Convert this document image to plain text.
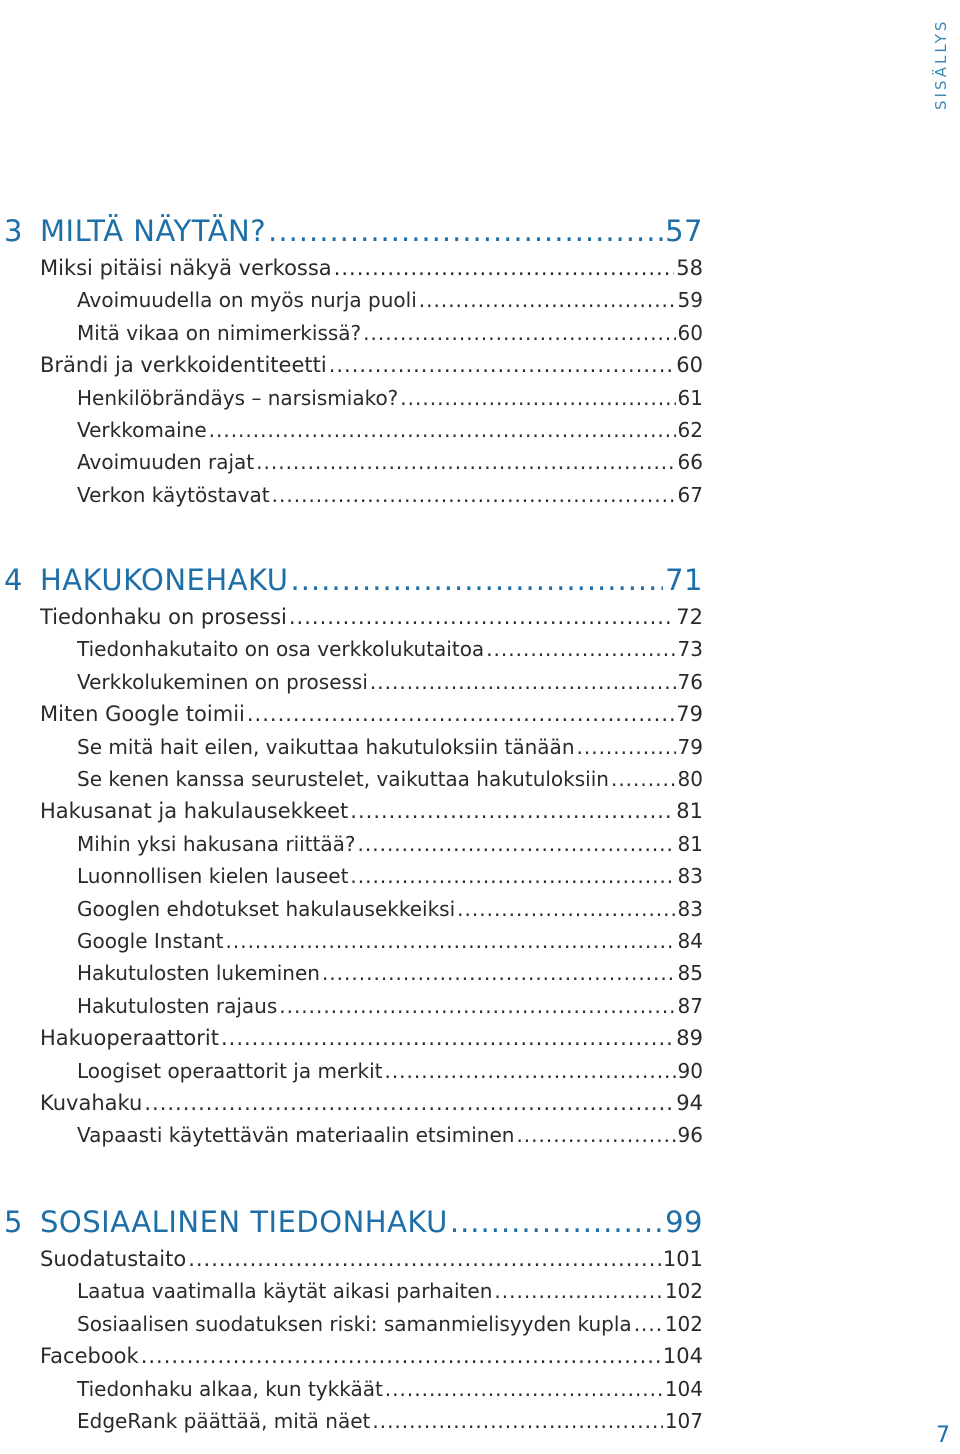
SISÄLLYS
3 MILTÄ NÄYTÄN? .....	57
Miksi pitäisi näkyä verkossa .....	58
Avoimuudella on myös nurja puoli .....	59
Mitä vikaa on nimimerkissä? .....	60
Brändi ja verkkoidentiteetti .....	60
Henkilöbrändäys – narsismiako? .....	61
Verkkomaine .....	62
Avoimuuden rajat .....	66
Verkon käytöstavat .....	67
4 HAKUKONEHAKU .....	71
Tiedonhaku on prosessi .....	72
Tiedonhakutaito on osa verkkolukutaitoa .....	73
Verkkolukeminen on prosessi .....	76
Miten Google toimii .....	79
Se mitä hait eilen, vaikuttaa hakutuloksiin tänään .....	79
Se kenen kanssa seurustelet, vaikuttaa hakutuloksiin .....	80
Hakusanat ja hakulausekkeet .....	81
Mihin yksi hakusana riittää? .....	81
Luonnollisen kielen lauseet .....	83
Googlen ehdotukset hakulausekkeiksi .....	83
Google Instant .....	84
Hakutulosten lukeminen .....	85
Hakutulosten rajaus .....	87
Hakuoperaattorit .....	89
Loogiset operaattorit ja merkit .....	90
Kuvahaku .....	94
Vapaasti käytettävän materiaalin etsiminen .....	96
5 SOSIAALINEN TIEDONHAKU .....	99
Suodatustaito .....	101
Laatua vaatimalla käytät aikasi parhaiten .....	102
Sosiaalisen suodatuksen riski: samanmielisyyden kupla ..... 102
Facebook .....	104
Tiedonhaku alkaa, kun tykkäät .....	104
EdgeRank päättää, mitä näet .....	107
7
